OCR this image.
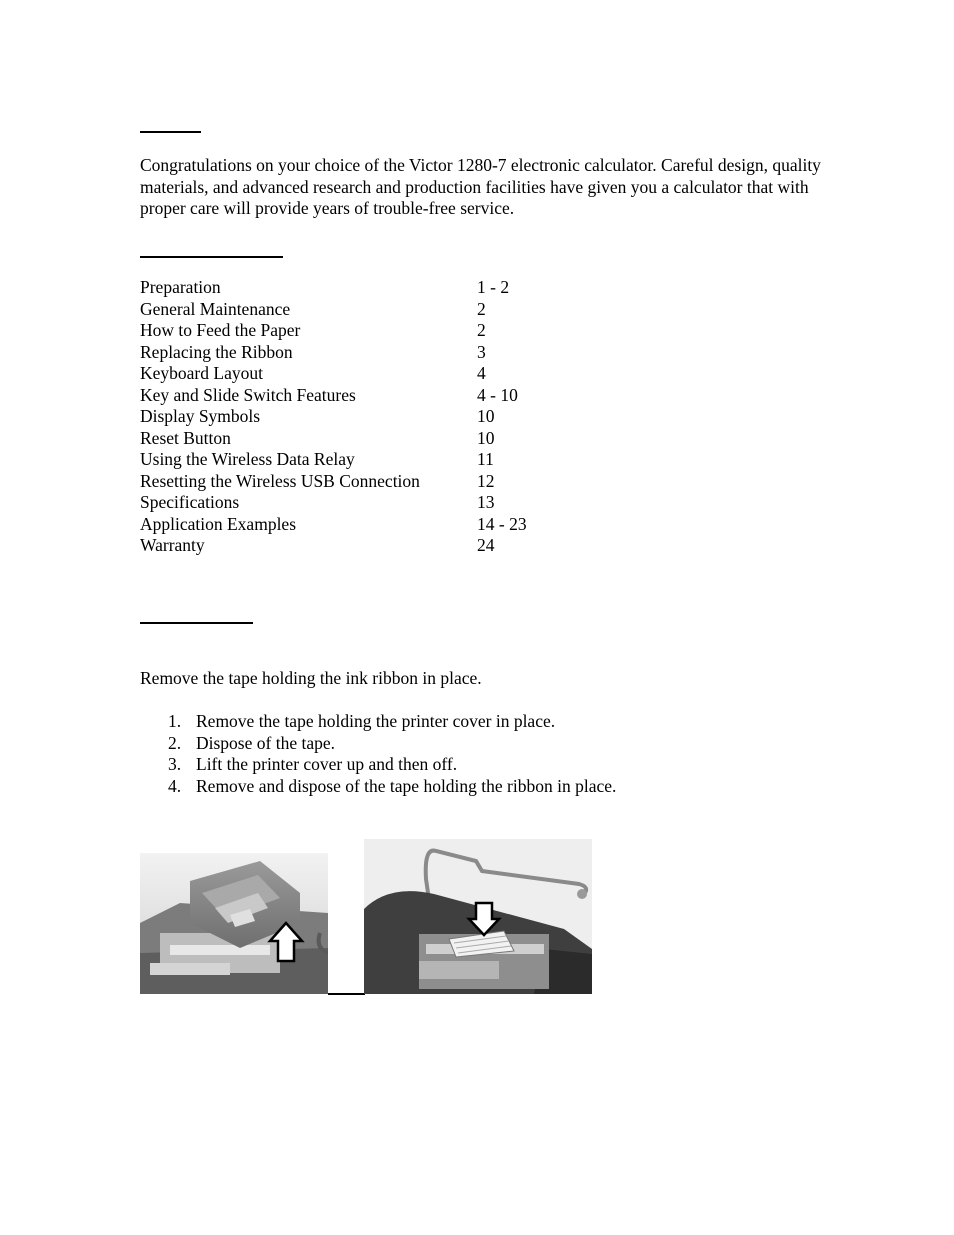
Congratulations on your choice of the Victor 1280-7 electronic calculator. Careful design, quality materials, and advanced research and production facilities have given you a calculator that with proper care will provide years of trouble-free service.
Preparation	1 - 2
General Maintenance	2
How to Feed the Paper	2
Replacing the Ribbon	3
Keyboard Layout	4
Key and Slide Switch Features	4 - 10
Display Symbols	10
Reset Button	10
Using the Wireless Data Relay	11
Resetting the Wireless USB Connection	12
Specifications	13
Application Examples	14 - 23
Warranty	24
Remove the tape holding the ink ribbon in place.
1. Remove the tape holding the printer cover in place.
2. Dispose of the tape.
3. Lift the printer cover up and then off.
4. Remove and dispose of the tape holding the ribbon in place.
